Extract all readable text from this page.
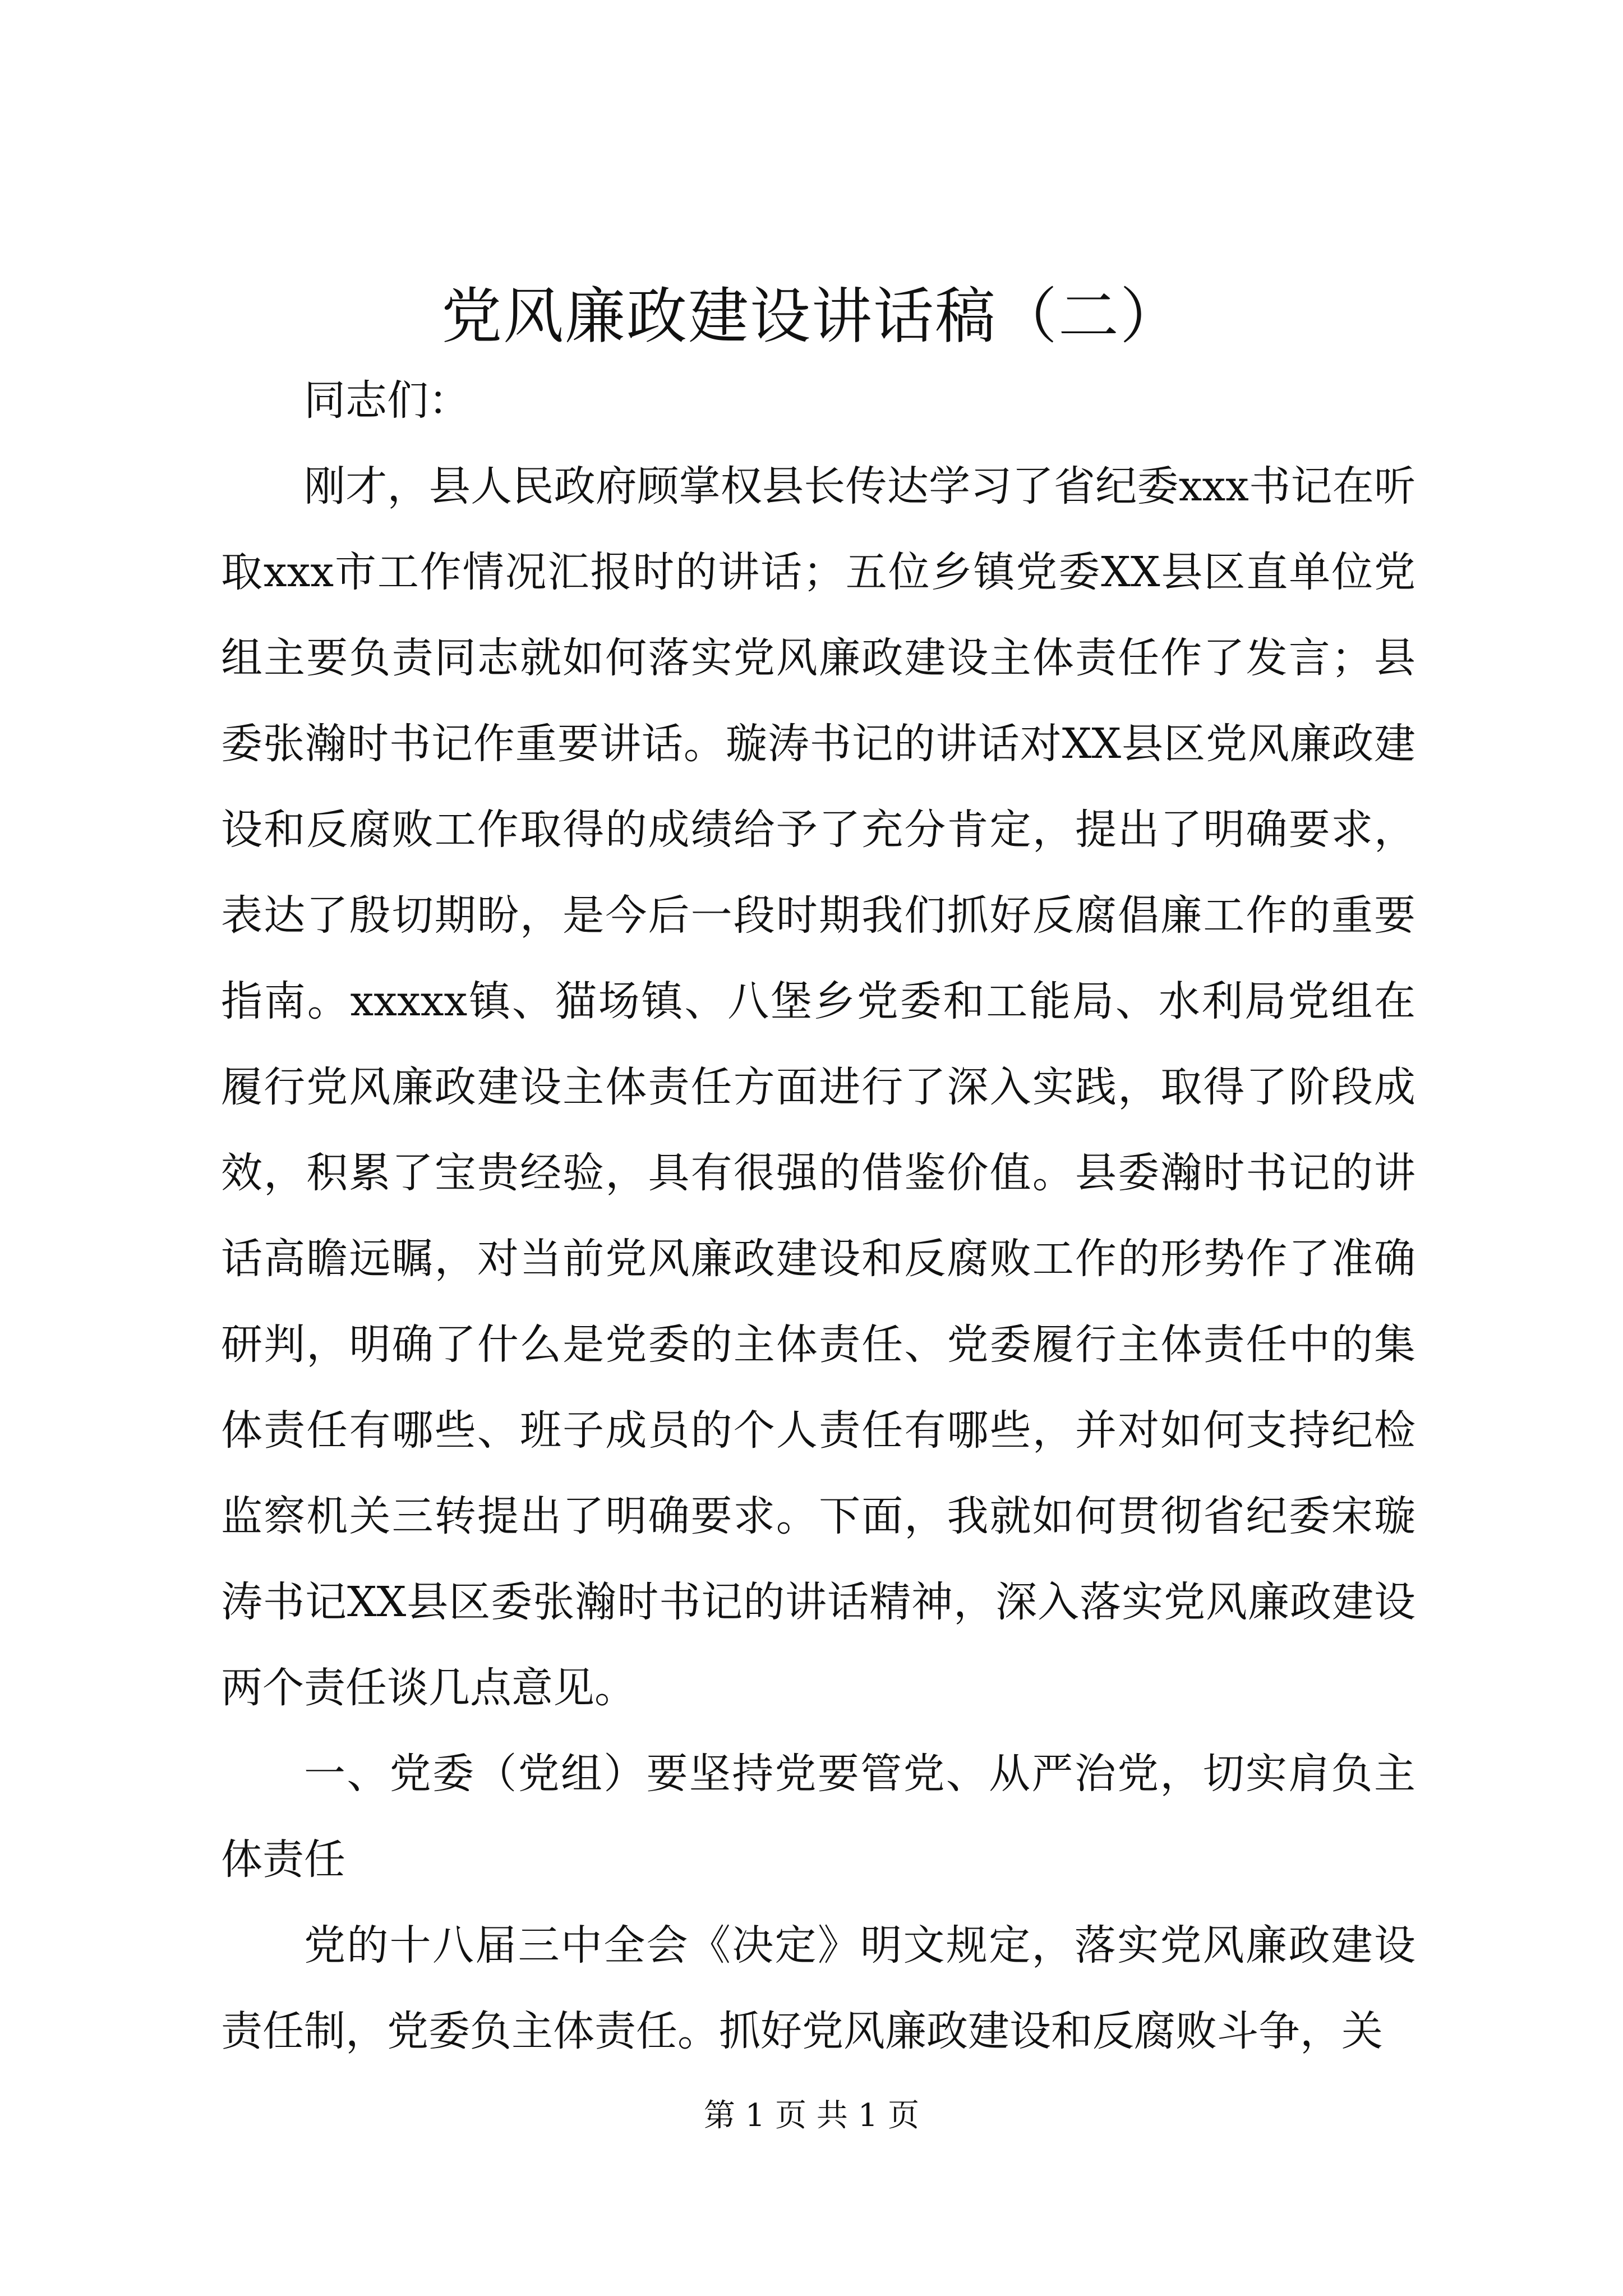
党风廉政建设讲话稿（二）

同志们：

刚才，县人民政府顾掌权县长传达学习了省纪委xxx书记在听取xxx市工作情况汇报时的讲话；五位乡镇党委XX县区直单位党组主要负责同志就如何落实党风廉政建设主体责任作了发言；县委张瀚时书记作重要讲话。璇涛书记的讲话对XX县区党风廉政建设和反腐败工作取得的成绩给予了充分肯定，提出了明确要求，表达了殷切期盼，是今后一段时期我们抓好反腐倡廉工作的重要指南。xxxxx镇、猫场镇、八堡乡党委和工能局、水利局党组在履行党风廉政建设主体责任方面进行了深入实践，取得了阶段成效，积累了宝贵经验，具有很强的借鉴价值。县委瀚时书记的讲话高瞻远瞩，对当前党风廉政建设和反腐败工作的形势作了准确研判，明确了什么是党委的主体责任、党委履行主体责任中的集体责任有哪些、班子成员的个人责任有哪些，并对如何支持纪检监察机关三转提出了明确要求。下面，我就如何贯彻省纪委宋璇涛书记XX县区委张瀚时书记的讲话精神，深入落实党风廉政建设两个责任谈几点意见。

一、党委（党组）要坚持党要管党、从严治党，切实肩负主体责任

党的十八届三中全会《决定》明文规定，落实党风廉政建设责任制，党委负主体责任。抓好党风廉政建设和反腐败斗争，关

第 1 页 共 1 页
